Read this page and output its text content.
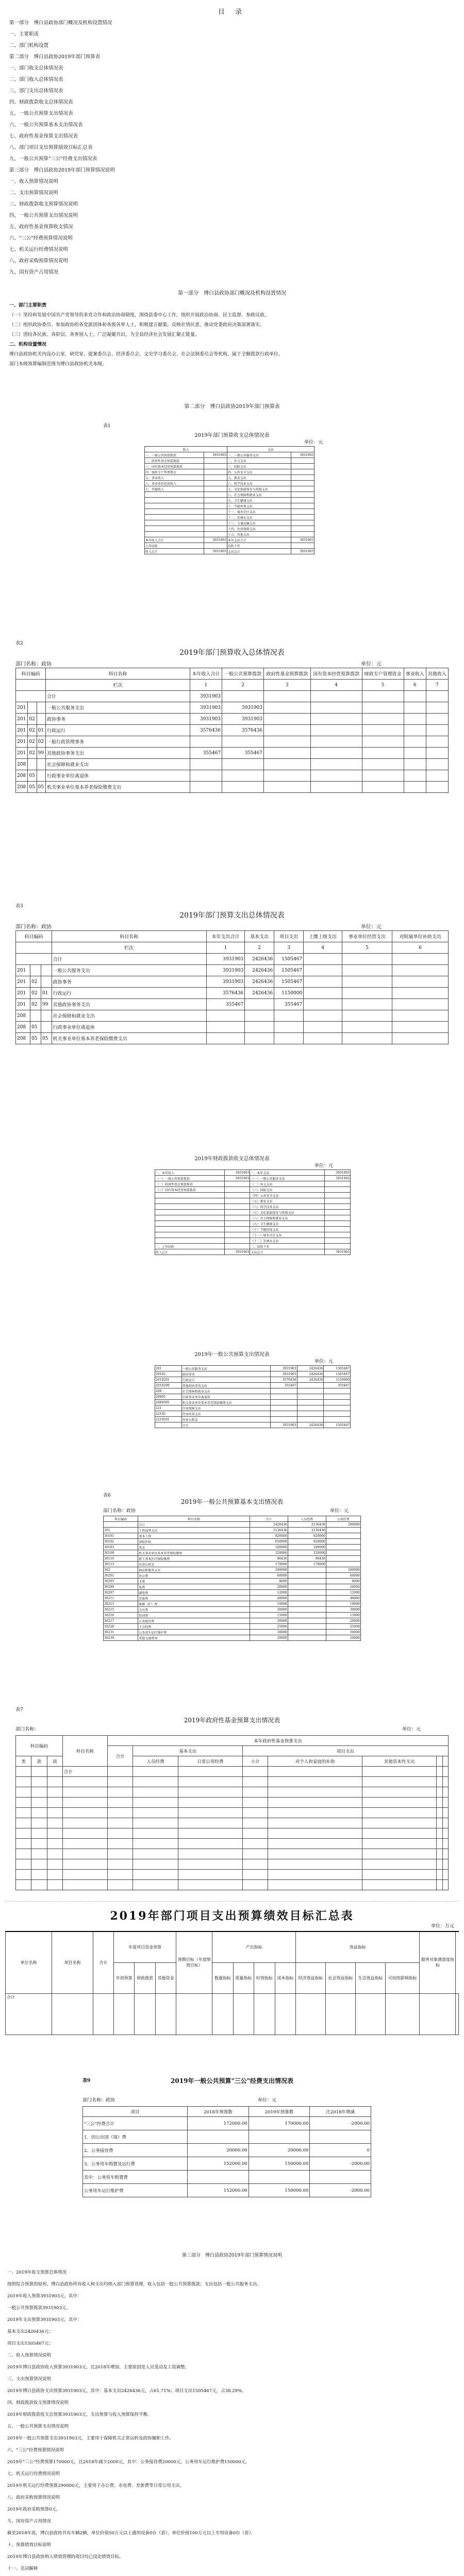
目 录
第一部分　博白县政协部门概况及机构设置情况
一、主要职责
二、部门机构设置
第二部分　博白县政协2019年部门预算表
一、部门收支总体情况表
二、部门收入总体情况表
三、部门支出总体情况表
四、财政拨款收支总体情况表
五、一般公共预算支出情况表
六、一般公共预算基本支出情况表
七、政府性基金预算支出情况表
八、部门项目支出预算绩效目标汇总表
九、一般公共预算"三公"经费支出情况表
第三部分　博白县政协2019年部门预算情况说明
一、收入预算情况说明
二、支出预算情况说明
三、财政拨款收支预算情况说明
四、一般公共预算支出情况说明
五、政府性基金预算收支情况
六、"三公"经费预算情况说明
七、机关运行经费情况说明
八、政府采购预算情况说明
九、国有资产占用情况
第一部分　博白县政协部门概况及机构设置情况
一、部门主要职责
（一）坚持和发展中国共产党领导的多党合作和政治协商制度，围绕县委中心工作，组织开展政治协商、民主监督、参政议政。
（二）组织政协委员、参加政协的各党派团体和各族各界人士，积极建言献策，反映社情民意，推动党委政府决策部署落实。
（三）团结各民族、各阶层、各界别人士，广泛凝聚共识，为全县经济社会发展汇聚正能量。
二、机构设置情况
博白县政协机关内设办公室、研究室、提案委员会、经济委员会、文史学习委员会、社会法制委员会等机构，属于全额拨款行政单位。
部门本级预算编制范围为博白县政协机关本级。
第二部分　博白县政协2019年部门预算表
表1
2019年部门预算收支总体情况表
单位：元
收入		支出	
一、一般公共预算拨款	3931903	一、一般公共服务支出	3931903
二、政府性基金预算拨款		二、外交支出	
三、国有资本经营预算拨款		三、国防支出	
四、财政专户管理资金		四、公共安全支出	
五、事业收入		五、教育支出	
六、事业单位经营收入		六、科学技术支出	
七、其他收入		七、文化旅游体育与传媒支出	
		八、社会保障和就业支出	
		九、卫生健康支出	
		十、节能环保支出	
		十一、城乡社区支出	
		十二、农林水支出	
		十三、交通运输支出	
		十四、住房保障支出	
		十五、其他支出	
本年收入合计	3931903	本年支出合计	3931903
上年结转		结转下年	
收入总计	3931903	支出总计	3931903
表2
2019年部门预算收入总体情况表
部门名称：政协	单位：元
科目编码			科目名称	本年收入合计	一般公共预算拨款	政府性基金预算拨款	国有资本经营预算拨款	财政专户管理资金	事业收入	其他收入
			栏次	1	2	3	4	5	6	7
			合计	3931903						
201			一般公共服务支出	3931903	3931903					
201	02		政协事务	3931903	3931903					
201	02	01	行政运行	3576436	3576436					
201	02	02	一般行政管理事务							
201	02	99	其他政协事务支出	355467	355467					
208			社会保障和就业支出							
208	05		行政事业单位离退休							
208	05	05	机关事业单位基本养老保险缴费支出							
表3
2019年部门预算支出总体情况表
部门名称：政协	单位：元
科目编码			科目名称	本年支出合计	基本支出	项目支出	上缴上级支出	事业单位经营支出	对附属单位补助支出
			栏次	1	2	3	4	5	6
			合计	3931903	2426436	1505467			
201			一般公共服务支出	3931903	2426436	1505467			
201	02		政协事务	3931903	2426436	1505467			
201	02	01	行政运行	3576436	2426436	1150000			
201	02	99	其他政协事务支出	355467		355467			
208			社会保障和就业支出						
208	05		行政事业单位离退休						
208	05	05	机关事业单位基本养老保险缴费支出						
2019年财政拨款收支总体情况表
单位：元
一、本年收入	3931903	一、本年支出	3931903
（一）一般公共预算拨款	3931903	（一）一般公共服务支出	3931903
（二）政府性基金预算拨款		（二）外交支出	
（三）国有资本经营预算拨款		（三）国防支出	
		（四）公共安全支出	
		（五）教育支出	
		（六）科学技术支出	
		（七）文化旅游体育与传媒支出	
		（八）社会保障和就业支出	
		（九）卫生健康支出	
		（十）节能环保支出	
		（十一）城乡社区支出	
		（十二）农林水支出	
二、上年结转		二、结转下年	
收入总计	3931903	支出总计	3931903
2019年一般公共预算支出情况表
单位：元
201	一般公共服务支出	3931903	2426436	1505467
20102	政协事务	3931903	2426436	1505467
2010201	行政运行	3576436	2426436	1150000
2010299	其他政协事务支出	355467		355467
208	社会保障和就业支出			
20805	行政事业单位离退休			
2080505	机关事业单位基本养老保险缴费支出			
221	住房保障支出			
22102	住房改革支出			
2210201	住房公积金			
	合计	3931903	2426436	1505467
表6
2019年一般公共预算基本支出情况表
部门名称：政协	单位：元
科目编码	科目名称	合计	人员经费	公用经费
	合计	2426436	2136436	290000
301	工资福利支出	2136436	2136436	
30101	基本工资	820000	820000	
30102	津贴补贴	650000	650000	
30103	奖金	180000	180000	
30108	机关事业单位基本养老保险缴费	220000	220000	
30110	职工基本医疗保险缴费	96436	96436	
30113	住房公积金	170000	170000	
302	商品和服务支出	290000		290000
30201	办公费	60000		60000
30205	水费	8000		8000
30206	电费	20000		20000
30207	邮电费	12000		12000
30211	差旅费	40000		40000
30213	维修（护）费	10000		10000
30215	会议费	30000		30000
30216	培训费	15000		15000
30217	公务接待费	20000		20000
30228	工会经费	25000		25000
30231	公务用车运行维护费	30000		30000
30239	其他交通费用	20000		20000
表7
2019年政府性基金预算支出情况表
部门名称：	单位：元
科目编码			科目名称	本年政府性基金预算支出							
				合计	基本支出		项目支出				
类	款	项			人员经费	日常公用经费	小计	对个人和家庭的补助	其他资本性支出		
			合计								

2019年部门项目支出预算绩效目标汇总表
单位：万元
单位名称	项目名称	合计	年度项目资金预算			预期目标（年度绩效目标）	产出指标				效益指标				服务对象满意度指标	
			年初预算	财政拨款	其他资金		数量指标	质量指标	时效指标	成本指标	经济效益指标	社会效益指标	生态效益指标	可持续影响指标		
合计																
表9	2019年一般公共预算"三公"经费支出情况表
部门名称：政协	单位：元
项目	2018年预算数	2019年预算数	比2018年增减
"三公"经费合计	172000.00	170000.00	-2000.00
1、因公出国（境）费			
2、公务接待费	20000.00	20000.00	0
3、公务用车购置及运行费	152000.00	150000.00	-2000.00
其中：公务用车购置费			
公务用车运行维护费	152000.00	150000.00	-2000.00
第三部分　博白县政协2019年部门预算情况说明
一、2019年收支预算总体情况
按照综合预算的原则，博白县政协所有收入和支出均纳入部门预算管理，收入包括一般公共预算拨款；支出包括一般公共服务支出。
2019年收入预算3931903元，其中：
一般公共预算拨款3931903元。
2019年支出预算3931903元，其中：
基本支出2426436元；
项目支出1505467元；
二、收入预算情况说明
2019年博白县政协收入预算3931903元，比2018年增加，主要原因是人员变动及工资调整。
三、支出预算情况说明
2019年博白县政协支出预算3931903元，其中：基本支出2426436元，占61.71%；项目支出1505467元，占38.29%。
四、财政拨款收支预算情况说明
2019年财政拨款收支总预算3931903元，支出预算与收入预算保持平衡。
五、一般公共预算支出情况说明
2019年一般公共预算支出3931903元，主要用于保障机关正常运转及政协履职工作。
六、"三公"经费预算情况说明
2019年"三公"经费预算170000元，比2018年减少2000元，其中：公务接待费20000元，公务用车运行维护费150000元。
七、机关运行经费情况说明
2019年机关运行经费预算290000元，主要用于办公费、水电费、差旅费等日常公用支出。
八、政府采购预算情况说明
2019年政府采购预算0元。
九、国有资产占用情况
截至2018年底，博白县政协共有车辆2辆，单位价值50万元以上通用设备0台（套），单位价值100万元以上专用设备0台（套）。
十、预算绩效目标说明
2019年博白县政协纳入绩效管理的项目均已设定绩效目标。
十一、名词解释
